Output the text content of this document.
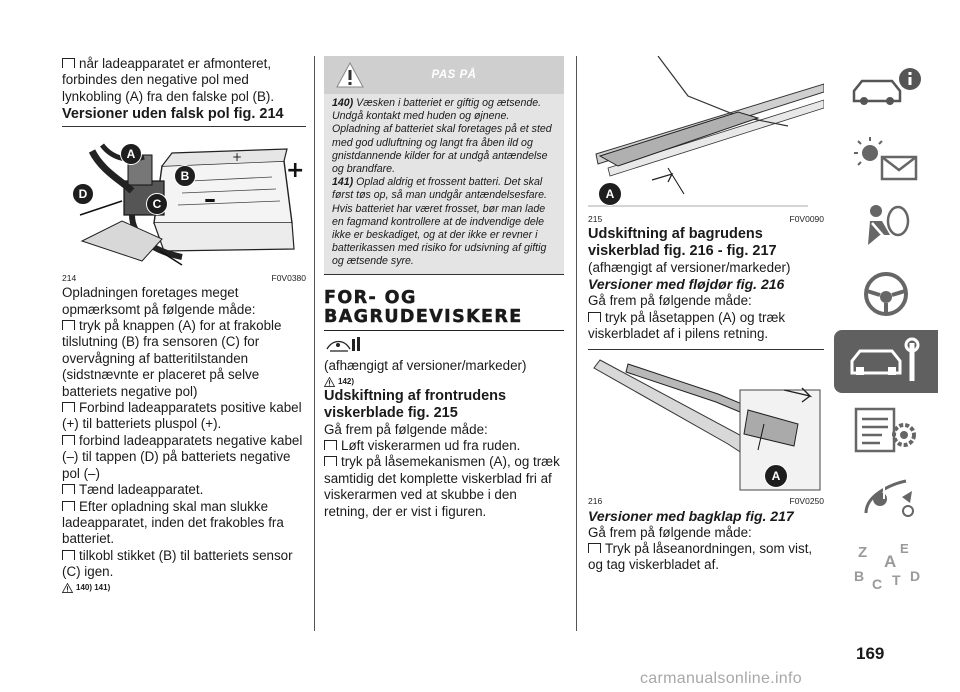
når ladeapparatet er afmonteret, forbindes den negative pol med lynkobling (A) fra den falske pol (B).

Versioner uden falsk pol fig. 214
+
+
–
A
B
C
D
214	F0V0380

Opladningen foretages meget opmærksomt på følgende måde:

tryk på knappen (A) for at frakoble tilslutning (B) fra sensoren (C) for overvågning af batteritilstanden (sidstnævnte er placeret på selve batteriets negative pol)

Forbind ladeapparatets positive kabel (+) til batteriets pluspol (+).

forbind ladeapparatets negative kabel (–) til tappen (D) på batteriets negative pol (–)

Tænd ladeapparatet.

Efter opladning skal man slukke ladeapparatet, inden det frakobles fra batteriet.

tilkobl stikket (B) til batteriets sensor (C) igen.

140) 141)
PAS PÅ
140) Væsken i batteriet er giftig og ætsende. Undgå kontakt med huden og øjnene. Opladning af batteriet skal foretages på et sted med god udluftning og langt fra åben ild og gnistdannende kilder for at undgå antændelse og brandfare.
141) Oplad aldrig et frossent batteri. Det skal først tøs op, så man undgår antændelsesfare. Hvis batteriet har været frosset, bør man lade en fagmand kontrollere at de indvendige dele ikke er beskadiget, og at der ikke er revner i batterikassen med risiko for udsivning af giftig og ætsende syre.
FOR- OG
BAGRUDEVISKERE

(afhængigt af versioner/markeder)

142)
Udskiftning af frontrudens viskerblade fig. 215

Gå frem på følgende måde:

Løft viskerarmen ud fra ruden.

tryk på låsemekanismen (A), og træk samtidig det komplette viskerblad fri af viskerarmen ved at skubbe i den retning, der er vist i figuren.

A
215	F0V0090
Udskiftning af bagrudens viskerblad fig. 216 - fig. 217

(afhængigt af versioner/markeder)

Versioner med fløjdør fig. 216

Gå frem på følgende måde:

tryk på låsetappen (A) og træk viskerbladet af i pilens retning.

A
216	F0V0250
Versioner med bagklap fig. 217

Gå frem på følgende måde:

Tryk på låseanordningen, som vist, og tag viskerbladet af.

Z	E
A
B C T D
169
carmanualsonline.info
